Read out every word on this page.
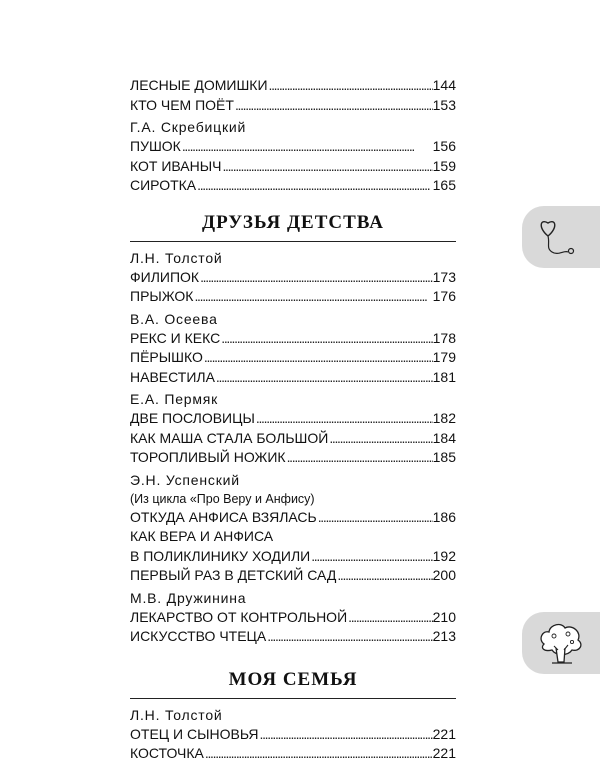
ЛЕСНЫЕ ДОМИШКИ . . .	144
КТО ЧЕМ ПОЁТ . . .	153
Г.А. Скребицкий
ПУШОК . . .	156
КОТ ИВАНЫЧ . . .	159
СИРОТКА . . .	165
ДРУЗЬЯ ДЕТСТВА
Л.Н. Толстой
ФИЛИПОК . . .	173
ПРЫЖОК . . .	176
В.А. Осеева
РЕКС И КЕКС . . .	178
ПЁРЫШКО . . .	179
НАВЕСТИЛА . . .	181
Е.А. Пермяк
ДВЕ ПОСЛОВИЦЫ . . .	182
КАК МАША СТАЛА БОЛЬШОЙ . . .	184
ТОРОПЛИВЫЙ НОЖИК . . .	185
Э.Н. Успенский
(Из цикла «Про Веру и Анфису)
ОТКУДА АНФИСА ВЗЯЛАСЬ . . .	186
КАК ВЕРА И АНФИСА
В ПОЛИКЛИНИКУ ХОДИЛИ . . .	192
ПЕРВЫЙ РАЗ В ДЕТСКИЙ САД . . .	200
М.В. Дружинина
ЛЕКАРСТВО ОТ КОНТРОЛЬНОЙ . . .	210
ИСКУССТВО ЧТЕЦА . . .	213
МОЯ СЕМЬЯ
Л.Н. Толстой
ОТЕЦ И СЫНОВЬЯ . . .	221
КОСТОЧКА . . .	221
